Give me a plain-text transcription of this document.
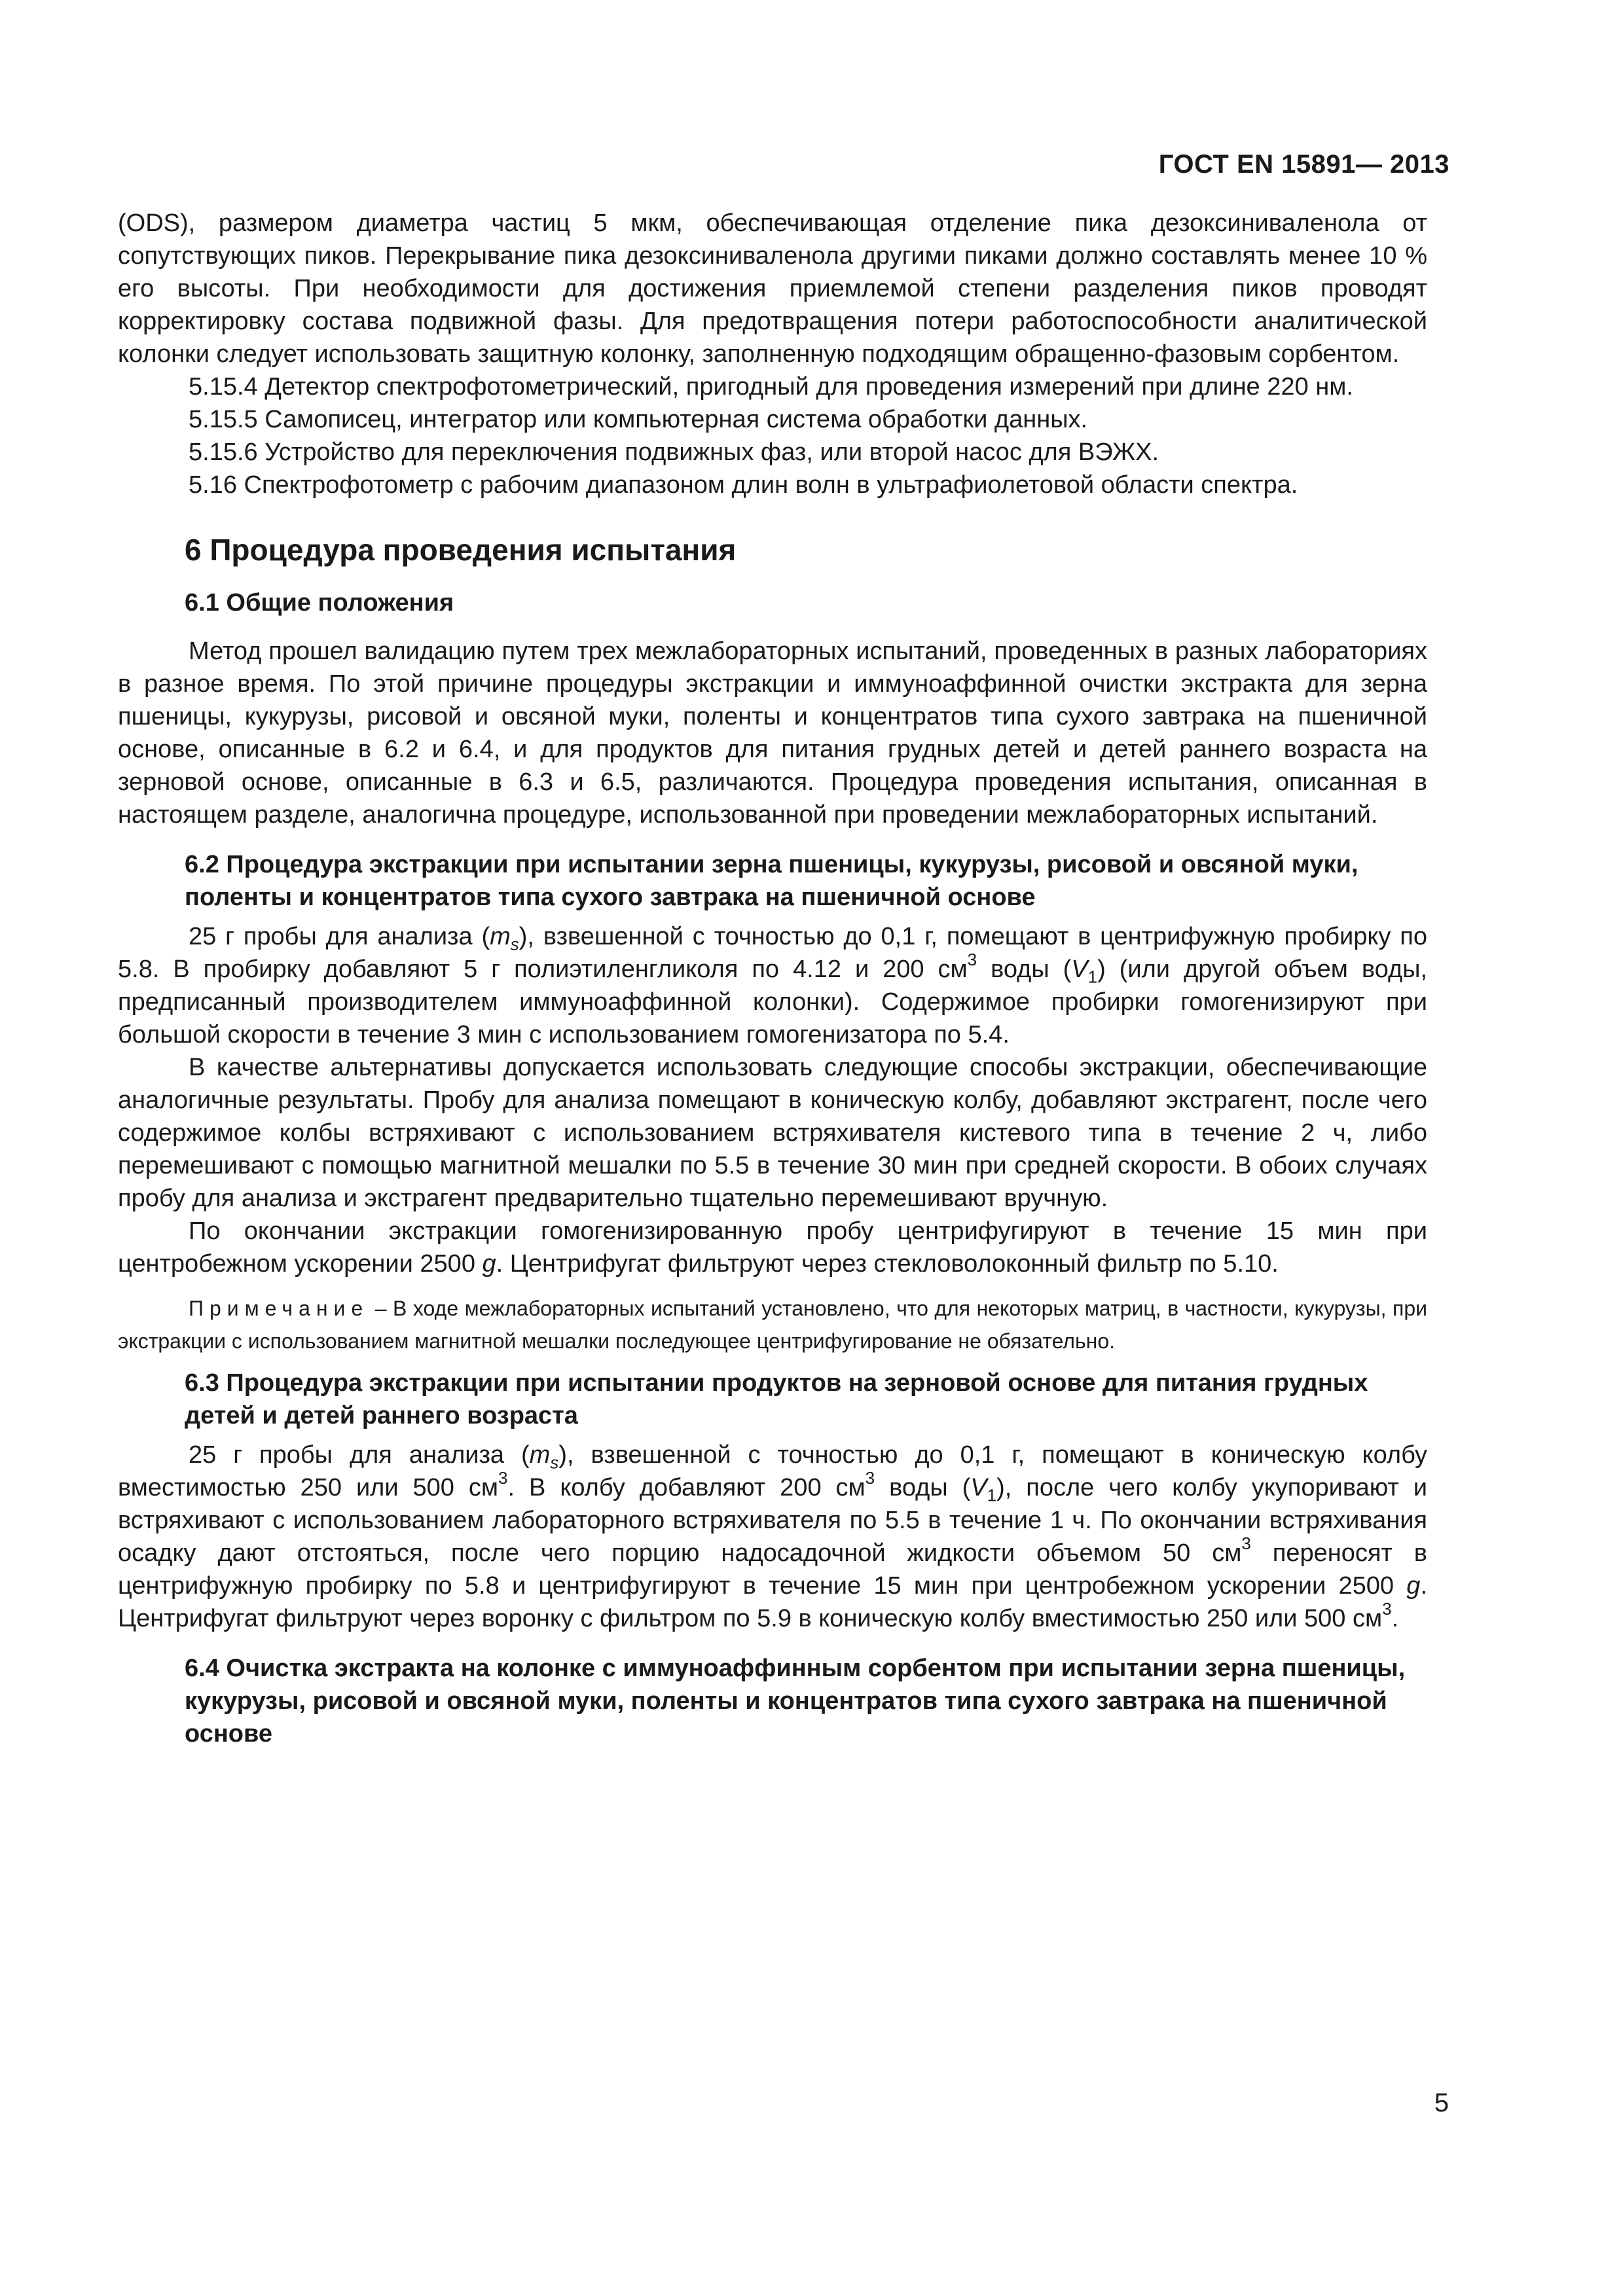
ГОСТ EN 15891— 2013

(ODS), размером диаметра частиц 5 мкм, обеспечивающая отделение пика дезоксиниваленола от сопутствующих пиков. Перекрывание пика дезоксиниваленола другими пиками должно составлять менее 10 % его высоты. При необходимости для достижения приемлемой степени разделения пиков проводят корректировку состава подвижной фазы. Для предотвращения потери работоспособности аналитической колонки следует использовать защитную колонку, заполненную подходящим обращенно-фазовым сорбентом.

5.15.4 Детектор спектрофотометрический, пригодный для проведения измерений при длине 220 нм.

5.15.5 Самописец, интегратор или компьютерная система обработки данных.

5.15.6 Устройство для переключения подвижных фаз, или второй насос для ВЭЖХ.

5.16 Спектрофотометр с рабочим диапазоном длин волн в ультрафиолетовой области спектра.

6 Процедура проведения испытания
6.1 Общие положения

Метод прошел валидацию путем трех межлабораторных испытаний, проведенных в разных лабораториях в разное время. По этой причине процедуры экстракции и иммуноаффинной очистки экстракта для зерна пшеницы, кукурузы, рисовой и овсяной муки, поленты и концентратов типа сухого завтрака на пшеничной основе, описанные в 6.2 и 6.4, и для продуктов для питания грудных детей и детей раннего возраста на зерновой основе, описанные в 6.3 и 6.5, различаются. Процедура проведения испытания, описанная в настоящем разделе, аналогична процедуре, использованной при проведении межлабораторных испытаний.

6.2 Процедура экстракции при испытании зерна пшеницы, кукурузы, рисовой и овсяной муки, поленты и концентратов типа сухого завтрака на пшеничной основе

25 г пробы для анализа $(m_s)$, взвешенной с точностью до 0,1 г, помещают в центрифужную пробирку по 5.8. В пробирку добавляют 5 г полиэтиленгликоля по 4.12 и 200 $см^3$ воды $(V_1)$ (или другой объем воды, предписанный производителем иммуноаффинной колонки). Содержимое пробирки гомогенизируют при большой скорости в течение 3 мин с использованием гомогенизатора по 5.4.

В качестве альтернативы допускается использовать следующие способы экстракции, обеспечивающие аналогичные результаты. Пробу для анализа помещают в коническую колбу, добавляют экстрагент, после чего содержимое колбы встряхивают с использованием встряхивателя кистевого типа в течение 2 ч, либо перемешивают с помощью магнитной мешалки по 5.5 в течение 30 мин при средней скорости. В обоих случаях пробу для анализа и экстрагент предварительно тщательно перемешивают вручную.

По окончании экстракции гомогенизированную пробу центрифугируют в течение 15 мин при центробежном ускорении 2500 g. Центрифугат фильтруют через стекловолоконный фильтр по 5.10.

Примечание – В ходе межлабораторных испытаний установлено, что для некоторых матриц, в частности, кукурузы, при экстракции с использованием магнитной мешалки последующее центрифугирование не обязательно.

6.3 Процедура экстракции при испытании продуктов на зерновой основе для питания грудных детей и детей раннего возраста

25 г пробы для анализа $(m_s)$, взвешенной с точностью до 0,1 г, помещают в коническую колбу вместимостью 250 или 500 $см^3$. В колбу добавляют 200 $см^3$ воды $(V_1)$, после чего колбу укупоривают и встряхивают с использованием лабораторного встряхивателя по 5.5 в течение 1 ч. По окончании встряхивания осадку дают отстояться, после чего порцию надосадочной жидкости объемом 50 $см^3$ переносят в центрифужную пробирку по 5.8 и центрифугируют в течение 15 мин при центробежном ускорении 2500 g. Центрифугат фильтруют через воронку с фильтром по 5.9 в коническую колбу вместимостью 250 или 500 $см^3$.

6.4 Очистка экстракта на колонке с иммуноаффинным сорбентом при испытании зерна пшеницы, кукурузы, рисовой и овсяной муки, поленты и концентратов типа сухого завтрака на пшеничной основе
5
